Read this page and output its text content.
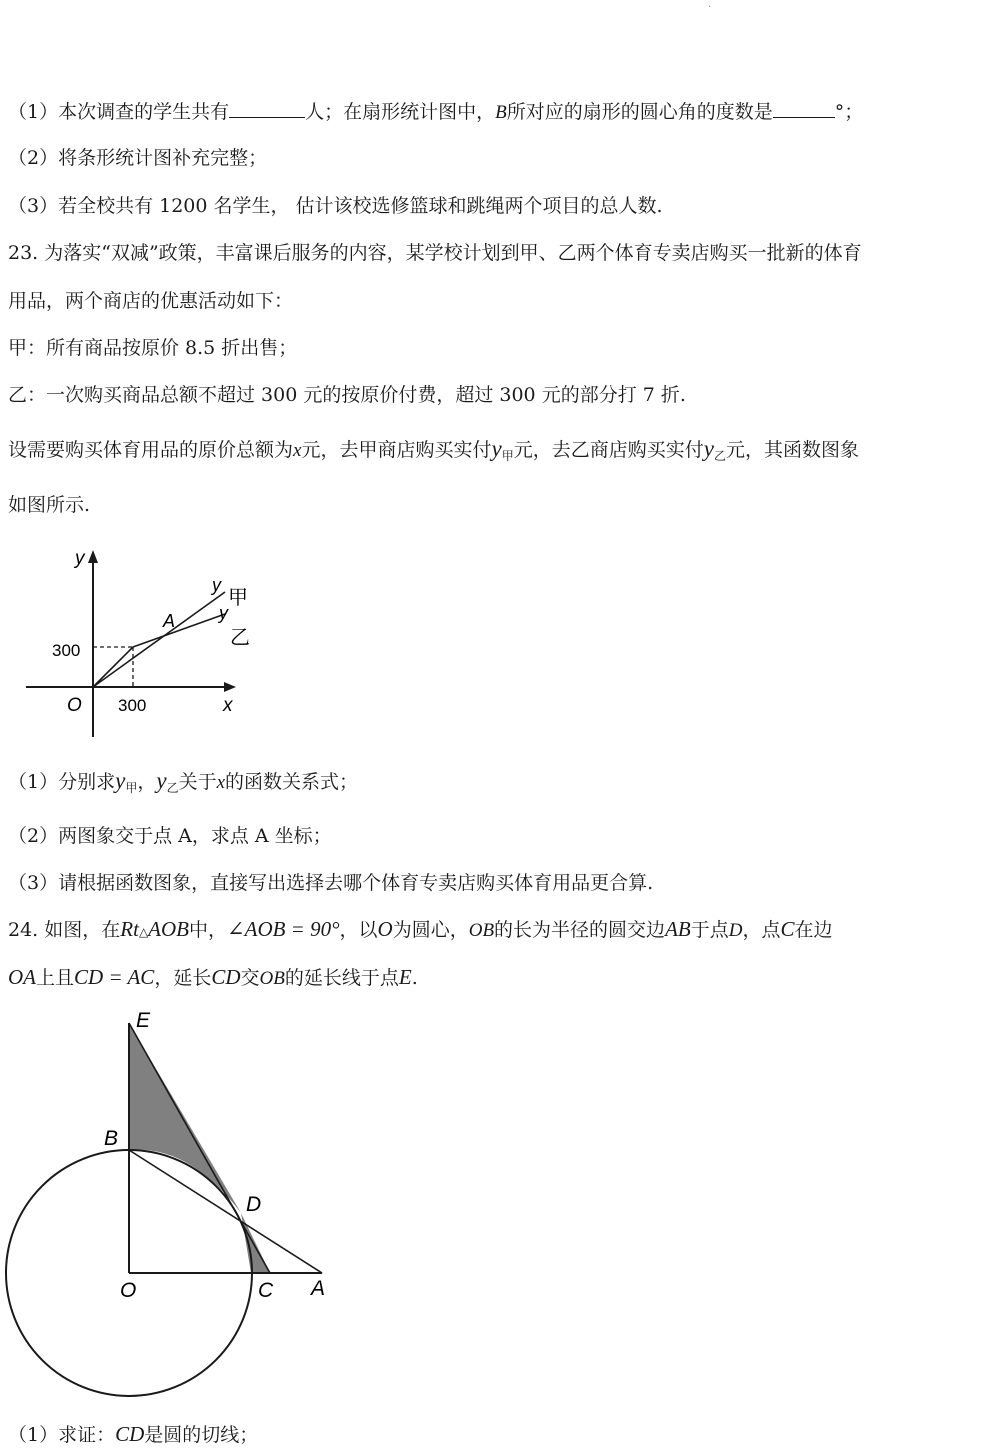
.
（1）本次调查的学生共有	人；在扇形统计图中，B所对应的扇形的圆心角的度数是	°；
（2）将条形统计图补充完整；
（3）若全校共有 1200 名学生， 估计该校选修篮球和跳绳两个项目的总人数.
23. 为落实“双减”政策，丰富课后服务的内容，某学校计划到甲、乙两个体育专卖店购买一批新的体育
用品，两个商店的优惠活动如下：
甲：所有商品按原价 8.5 折出售；
乙：一次购买商品总额不超过 300 元的按原价付费，超过 300 元的部分打 7 折.
设需要购买体育用品的原价总额为x元，去甲商店购买实付$y_甲$元，去乙商店购买实付$y_乙$元，其函数图象
如图所示.
y
x
O
300
300
A
y
甲
y
乙
（1）分别求$y_甲$，$y_乙$关于x的函数关系式；
（2）两图象交于点 A，求点 A 坐标；
（3）请根据函数图象，直接写出选择去哪个体育专卖店购买体育用品更合算.
24. 如图，在Rt△AOB中，∠AOB = 90°，以O为圆心，OB的长为半径的圆交边AB于点D，点C在边
OA上且CD = AC，延长CD交OB的延长线于点E.
E
B
D
O	C A
（1）求证：CD是圆的切线；
